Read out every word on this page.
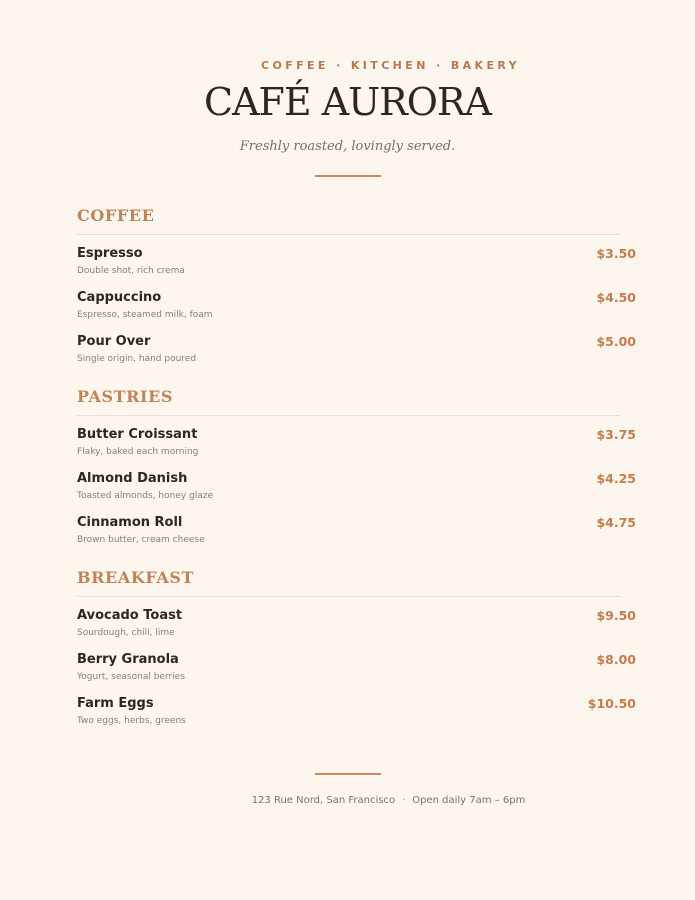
COFFEE · KITCHEN · BAKERY
CAFÉ AURORA
Freshly roasted, lovingly served.
COFFEE
Espresso
Double shot, rich crema
$3.50
Cappuccino
Espresso, steamed milk, foam
$4.50
Pour Over
Single origin, hand poured
$5.00
PASTRIES
Butter Croissant
Flaky, baked each morning
$3.75
Almond Danish
Toasted almonds, honey glaze
$4.25
Cinnamon Roll
Brown butter, cream cheese
$4.75
BREAKFAST
Avocado Toast
Sourdough, chili, lime
$9.50
Berry Granola
Yogurt, seasonal berries
$8.00
Farm Eggs
Two eggs, herbs, greens
$10.50
123 Rue Nord, San Francisco · Open daily 7am – 6pm
